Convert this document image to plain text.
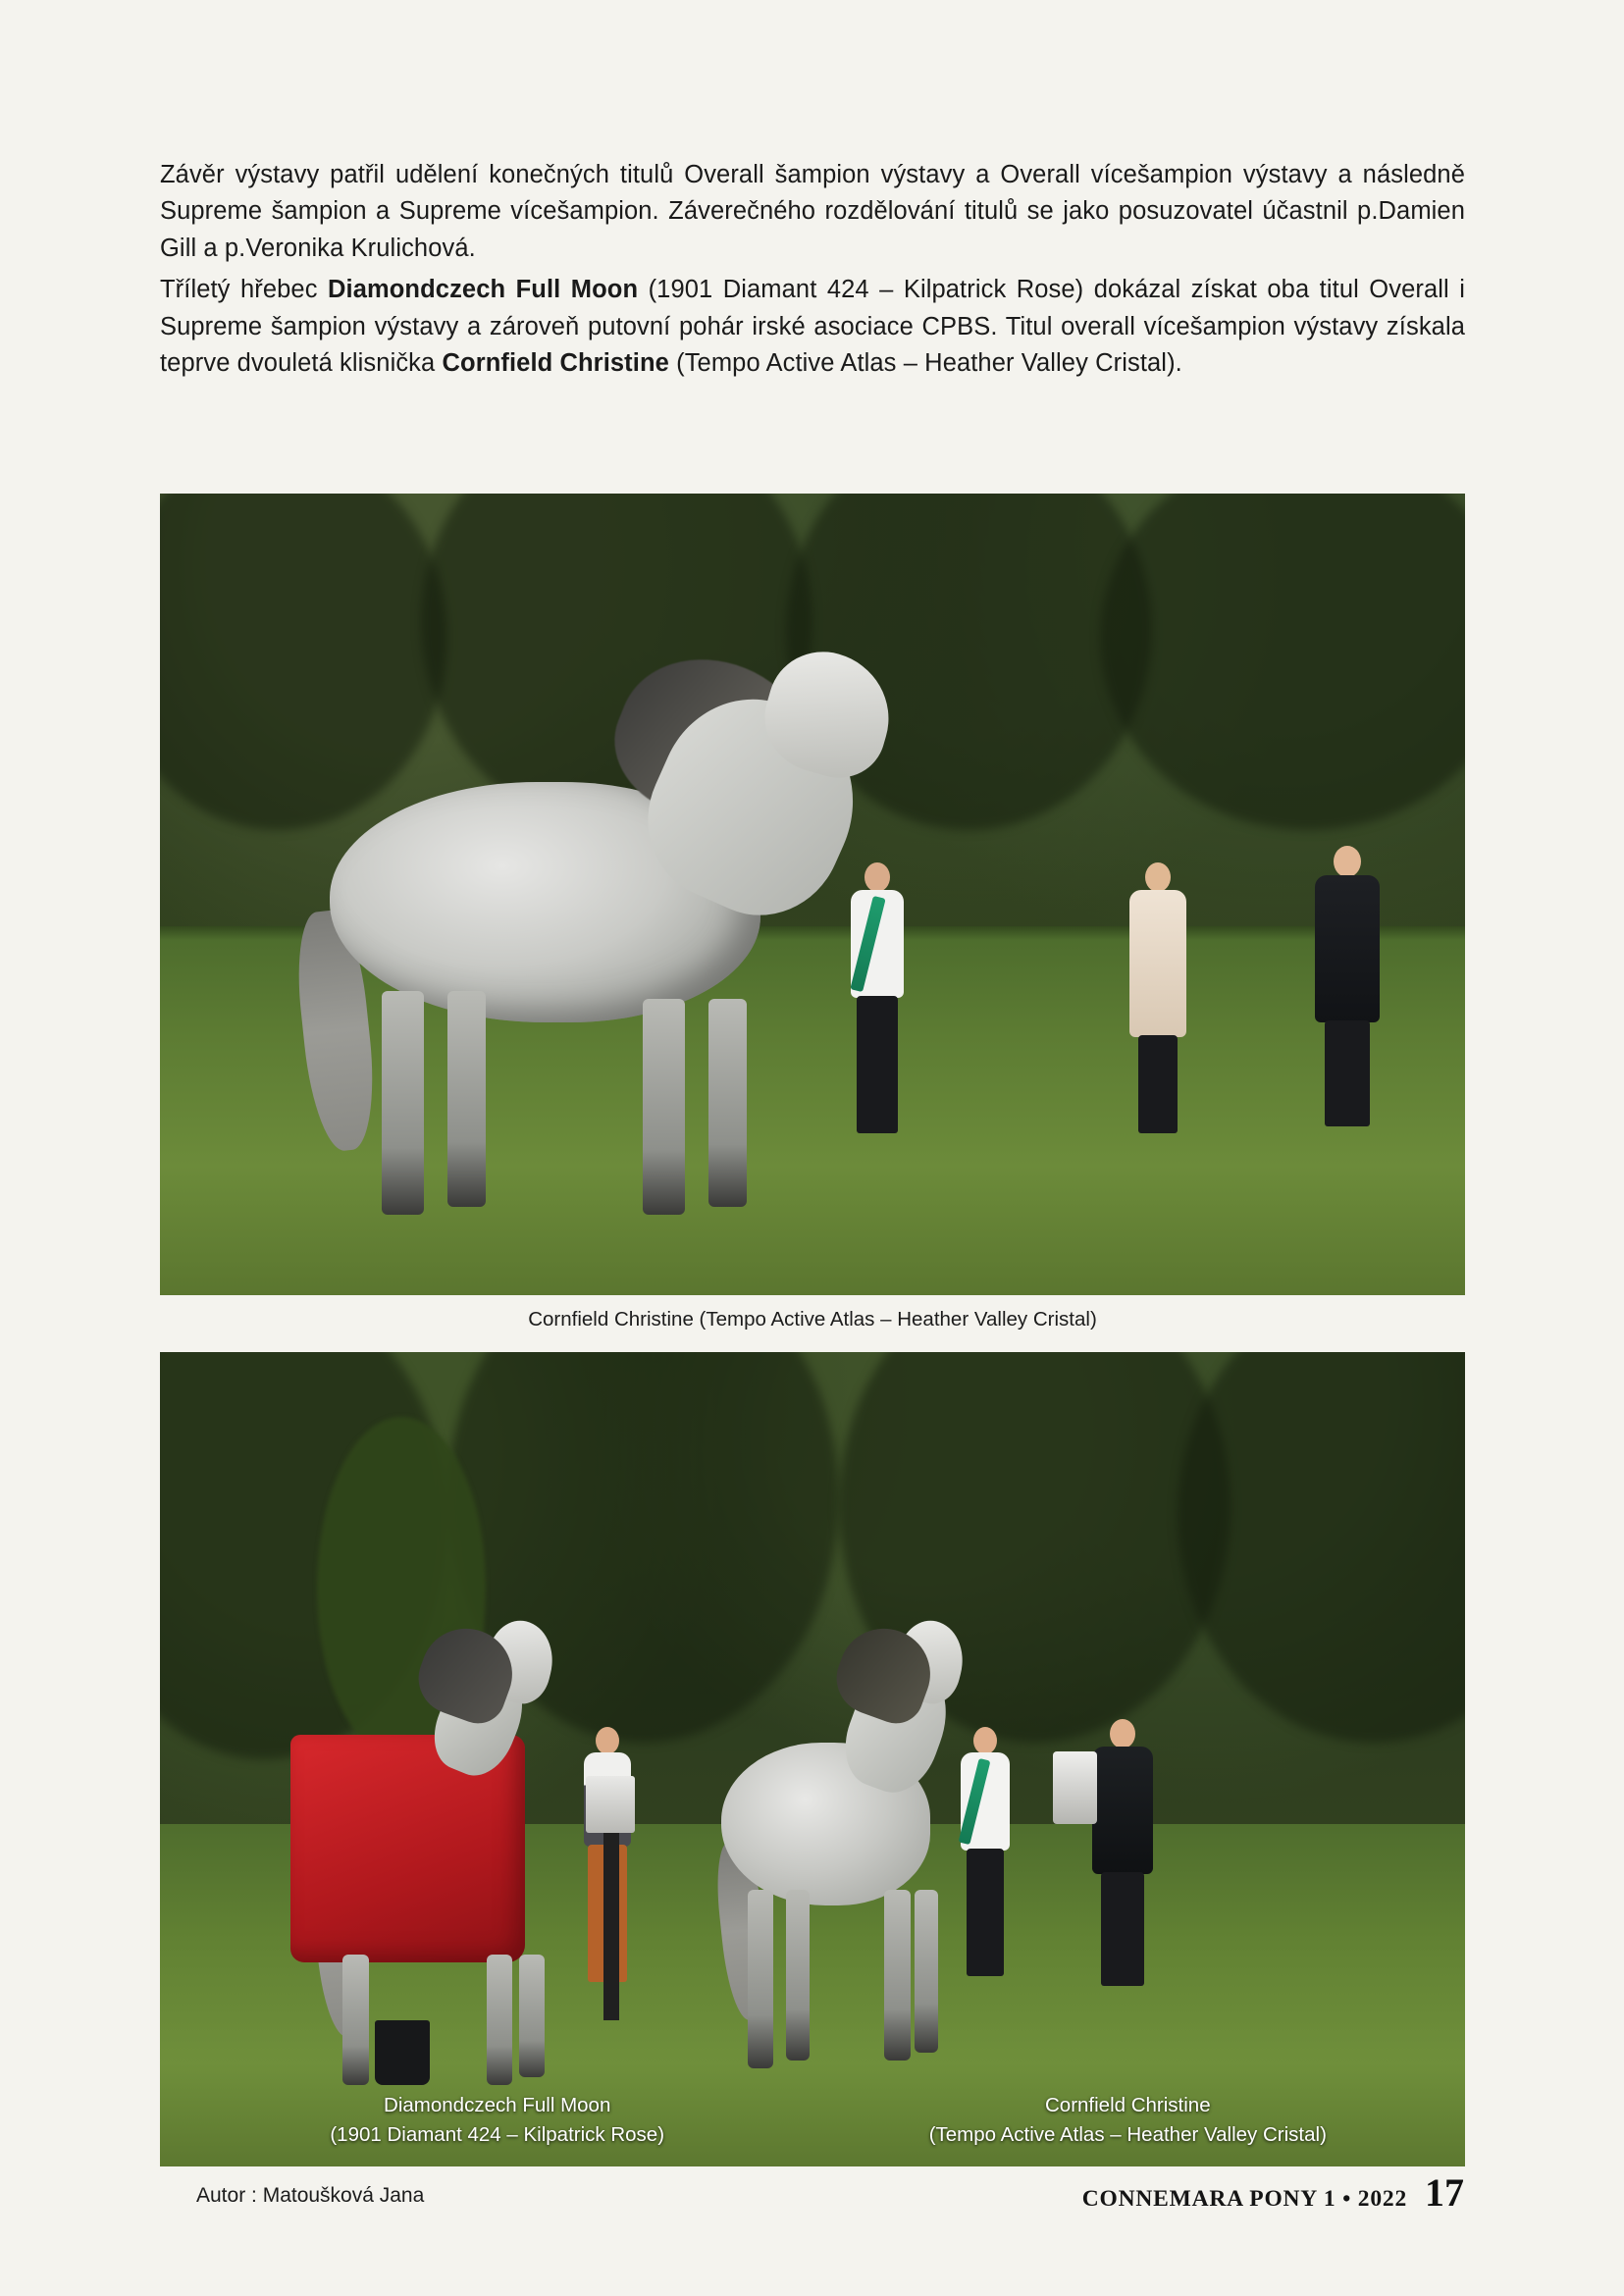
Závěr výstavy patřil udělení konečných titulů Overall šampion výstavy a Overall vícešampion výstavy a následně Supreme šampion a Supreme vícešampion. Záverečného rozdělování titulů se jako posuzovatel účastnil p.Damien Gill a p.Veronika Krulichová.

Tříletý hřebec Diamondczech Full Moon (1901 Diamant 424 – Kilpatrick Rose) dokázal získat oba titul Overall i Supreme šampion výstavy a zároveň putovní pohár irské asociace CPBS. Titul overall vícešampion výstavy získala teprve dvouletá klisnička Cornfield Christine (Tempo Active Atlas – Heather Valley Cristal).

Cornfield Christine (Tempo Active Atlas – Heather Valley Cristal)
Diamondczech Full Moon
(1901 Diamant 424 – Kilpatrick Rose)
Cornfield Christine
(Tempo Active Atlas – Heather Valley Cristal)
Autor : Matoušková Jana	CONNEMARA PONY 1 • 2022 17
